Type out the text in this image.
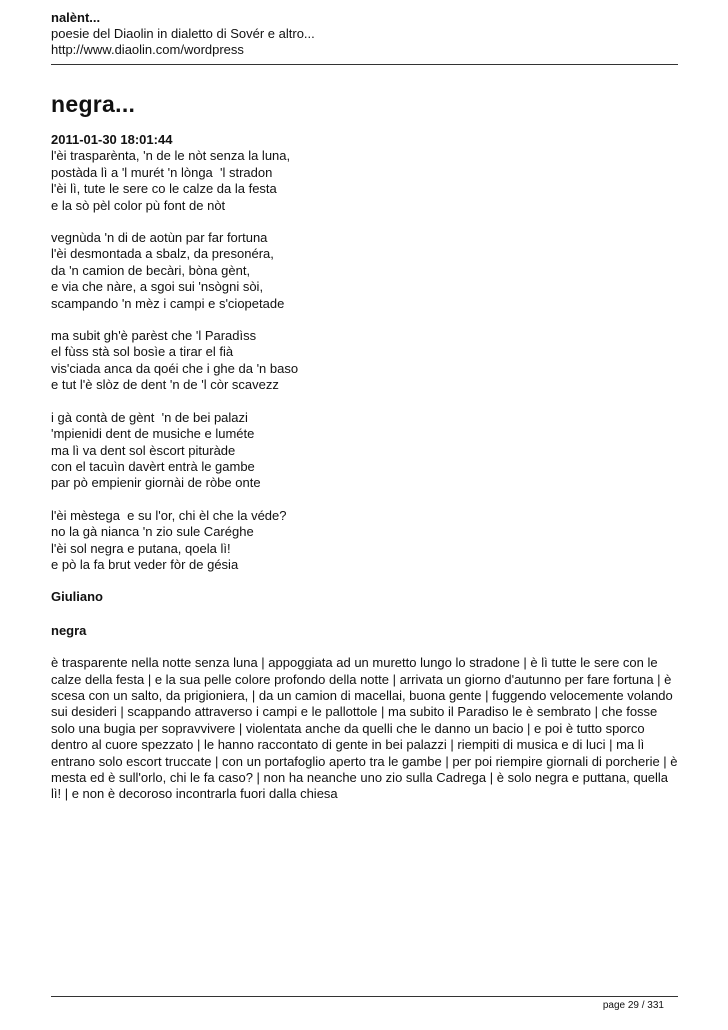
nalènt...
poesie del Diaolin in dialetto di Sovér e altro...
http://www.diaolin.com/wordpress
negra...
2011-01-30 18:01:44
l'èi trasparènta, 'n de le nòt senza la luna,
postàda lì a 'l murét 'n lònga  'l stradon
l'èi lì, tute le sere co le calze da la festa
e la sò pèl color pù font de nòt
vegnùda 'n di de aotùn par far fortuna
l'èi desmontada a sbalz, da presonéra,
da 'n camion de becàri, bòna gènt,
e via che nàre, a sgoi sui 'nsògni sòi,
scampando 'n mèz i campi e s'ciopetade
ma subit gh'è parèst che 'l Paradìss
el fùss stà sol bosìe a tirar el fià
vis'ciada anca da qoéi che i ghe da 'n baso
e tut l'è slòz de dent 'n de 'l còr scavezz
i gà contà de gènt  'n de bei palazi
'mpienidi dent de musiche e luméte
ma lì va dent sol èscort pituràde
con el tacuìn davèrt entrà le gambe
par pò empienir giornài de ròbe onte
l'èi mèstega  e su l'or, chi èl che la véde?
no la gà nianca 'n zio sule Caréghe
l'èi sol negra e putana, qoela lì!
e pò la fa brut veder fòr de gésia
Giuliano
negra
è trasparente nella notte senza luna | appoggiata ad un muretto lungo lo stradone | è lì tutte le sere con le calze della festa | e la sua pelle colore profondo della notte | arrivata un giorno d'autunno per fare fortuna | è scesa con un salto, da prigioniera, | da un camion di macellai, buona gente | fuggendo velocemente volando sui desideri | scappando attraverso i campi e le pallottole | ma subito il Paradiso le è sembrato | che fosse solo una bugia per sopravvivere | violentata anche da quelli che le danno un bacio | e poi è tutto sporco dentro al cuore spezzato | le hanno raccontato di gente in bei palazzi | riempiti di musica e di luci | ma lì entrano solo escort truccate | con un portafoglio aperto tra le gambe | per poi riempire giornali di porcherie | è mesta ed è sull'orlo, chi le fa caso? | non ha neanche uno zio sulla Cadrega | è solo negra e puttana, quella lì! | e non è decoroso incontrarla fuori dalla chiesa
page 29 / 331
